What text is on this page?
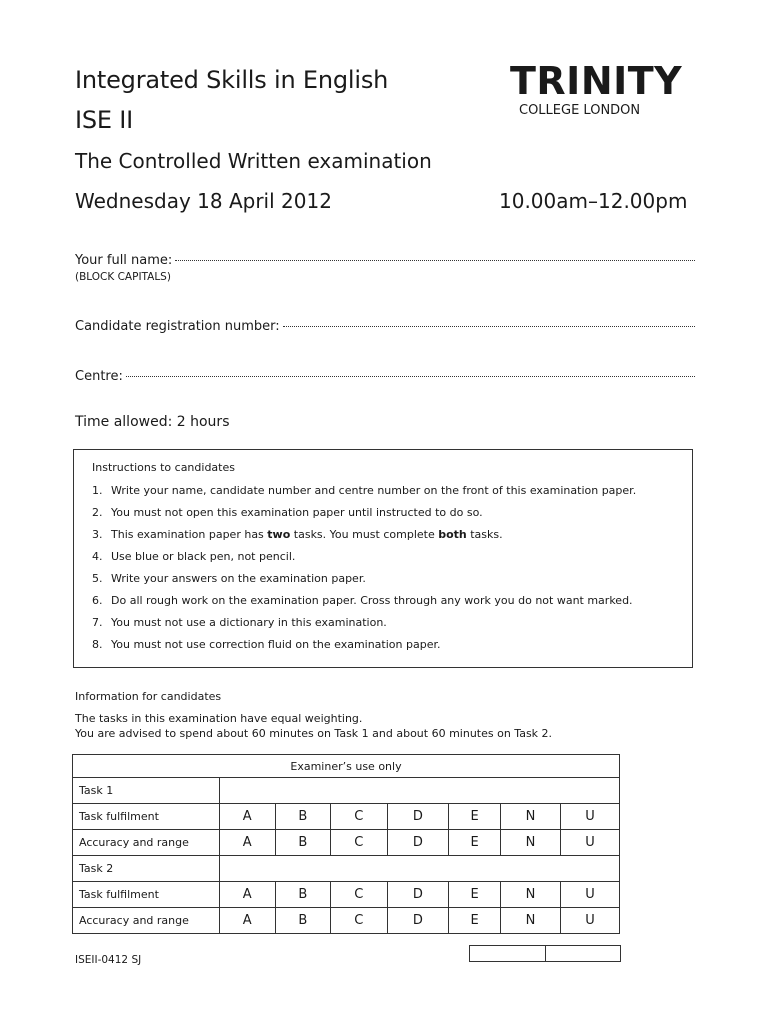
Integrated Skills in English
ISE II
The Controlled Written examination
Wednesday 18 April 2012	10.00am–12.00pm
TRINITY
COLLEGE LONDON
Your full name:
(BLOCK CAPITALS)
Candidate registration number:
Centre:
Time allowed: 2 hours
Instructions to candidates
1. Write your name, candidate number and centre number on the front of this examination paper.
2. You must not open this examination paper until instructed to do so.
3. This examination paper has two tasks. You must complete both tasks.
4. Use blue or black pen, not pencil.
5. Write your answers on the examination paper.
6. Do all rough work on the examination paper. Cross through any work you do not want marked.
7. You must not use a dictionary in this examination.
8. You must not use correction fluid on the examination paper.
Information for candidates
The tasks in this examination have equal weighting.
You are advised to spend about 60 minutes on Task 1 and about 60 minutes on Task 2.
Examiner’s use only							
Task 1							
Task fulfilment	A	B	C	D	E	N	U
Accuracy and range	A	B	C	D	E	N	U
Task 2							
Task fulfilment	A	B	C	D	E	N	U
Accuracy and range	A	B	C	D	E	N	U
ISEII-0412 SJ
